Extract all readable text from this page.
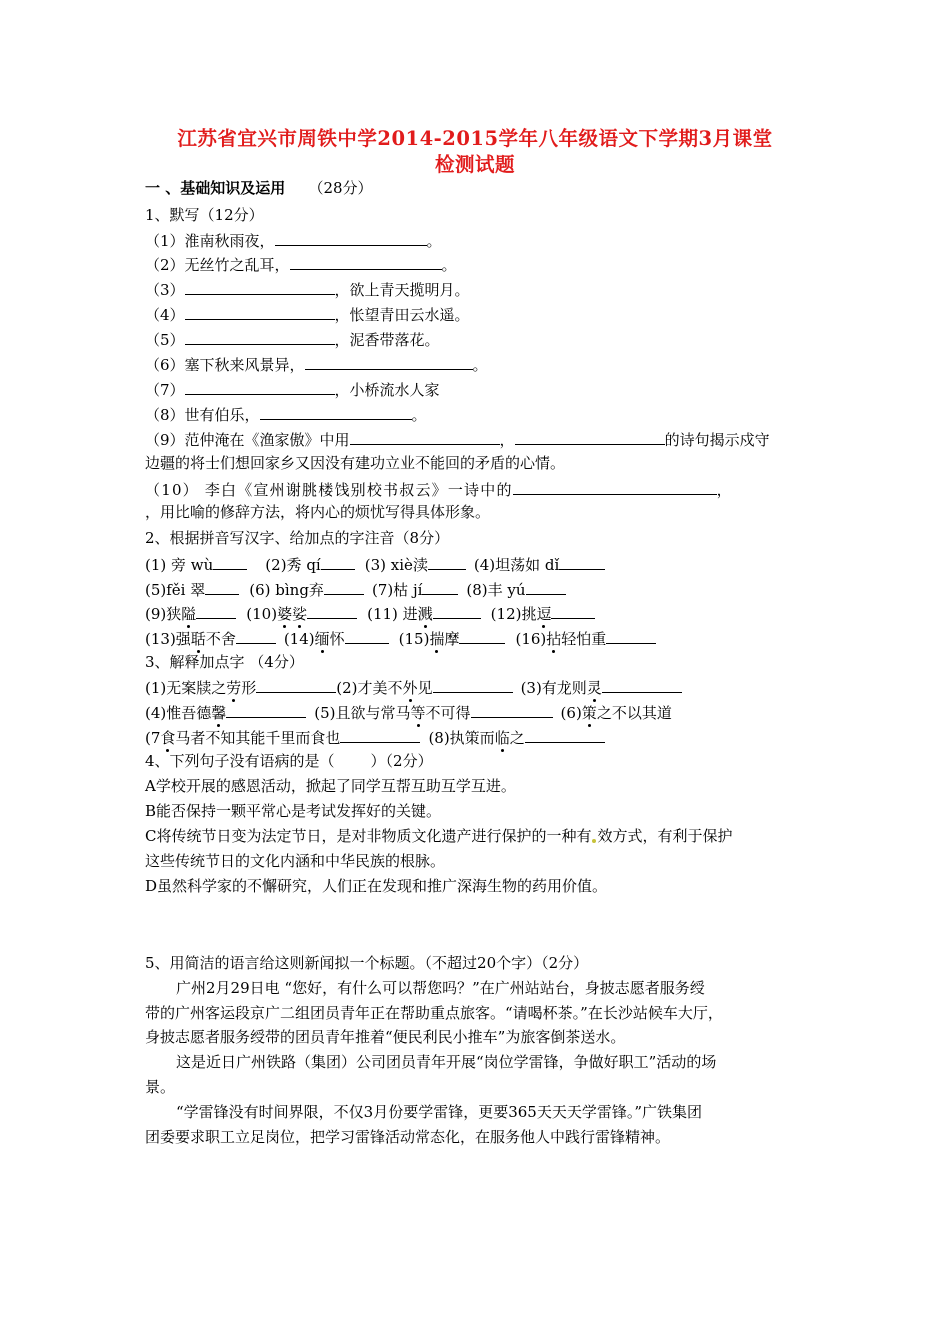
江苏省宜兴市周铁中学2014-2015学年八年级语文下学期3月课堂
检测试题
一 、基础知识及运用 （28分）
1、默写（12分）
（1）淮南秋雨夜，	。
（2）无丝竹之乱耳，	。
（3）	，欲上青天揽明月。
（4）	，怅望青田云水遥。
（5）	，泥香带落花。
（6）塞下秋来风景异，	。
（7）	，小桥流水人家
（8）世有伯乐，	。
（9）范仲淹在《渔家傲》中用	，	的诗句揭示戍守
边疆的将士们想回家乡又因没有建功立业不能回的矛盾的心情。
（10） 李白《宣州谢朓楼饯别校书叔云》一诗中的	，
，用比喻的修辞方法，将内心的烦忧写得具体形象。
2、根据拼音写汉字、给加点的字注音（8分）
(1) 旁 wù	(2)秀 qí	(3) xiè渎	(4)坦荡如 dǐ
(5)fěi 翠	(6) bìng弃	(7)枯 jí	(8)丰 yú
(9)狭隘	(10)婆娑	(11) 进溅	(12)挑逗
(13)强聒不舍	(14)缅怀	(15)揣摩	(16)拈轻怕重
3、解释加点字 （4分）
(1)无案牍之劳形	(2)才美不外见	(3)有龙则灵
(4)惟吾德馨	(5)且欲与常马等不可得	(6)策之不以其道
(7食马者不知其能千里而食也	(8)执策而临之
4、下列句子没有语病的是（ ）（2分）
A学校开展的感恩活动，掀起了同学互帮互助互学互进。
B能否保持一颗平常心是考试发挥好的关键。
C将传统节日变为法定节日，是对非物质文化遗产进行保护的一种有 效方式，有利于保护
这些传统节日的文化内涵和中华民族的根脉。
D虽然科学家的不懈研究，人们正在发现和推广深海生物的药用价值。
5、用简洁的语言给这则新闻拟一个标题。（不超过20个字）（2分）
广州2月29日电 “您好，有什么可以帮您吗？”在广州站站台，身披志愿者服务绶
带的广州客运段京广二组团员青年正在帮助重点旅客。“请喝杯茶。”在长沙站候车大厅，
身披志愿者服务绶带的团员青年推着“便民利民小推车”为旅客倒茶送水。
这是近日广州铁路（集团）公司团员青年开展“岗位学雷锋，争做好职工”活动的场
景。
“学雷锋没有时间界限，不仅3月份要学雷锋，更要365天天天学雷锋。”广铁集团
团委要求职工立足岗位，把学习雷锋活动常态化，在服务他人中践行雷锋精神。
